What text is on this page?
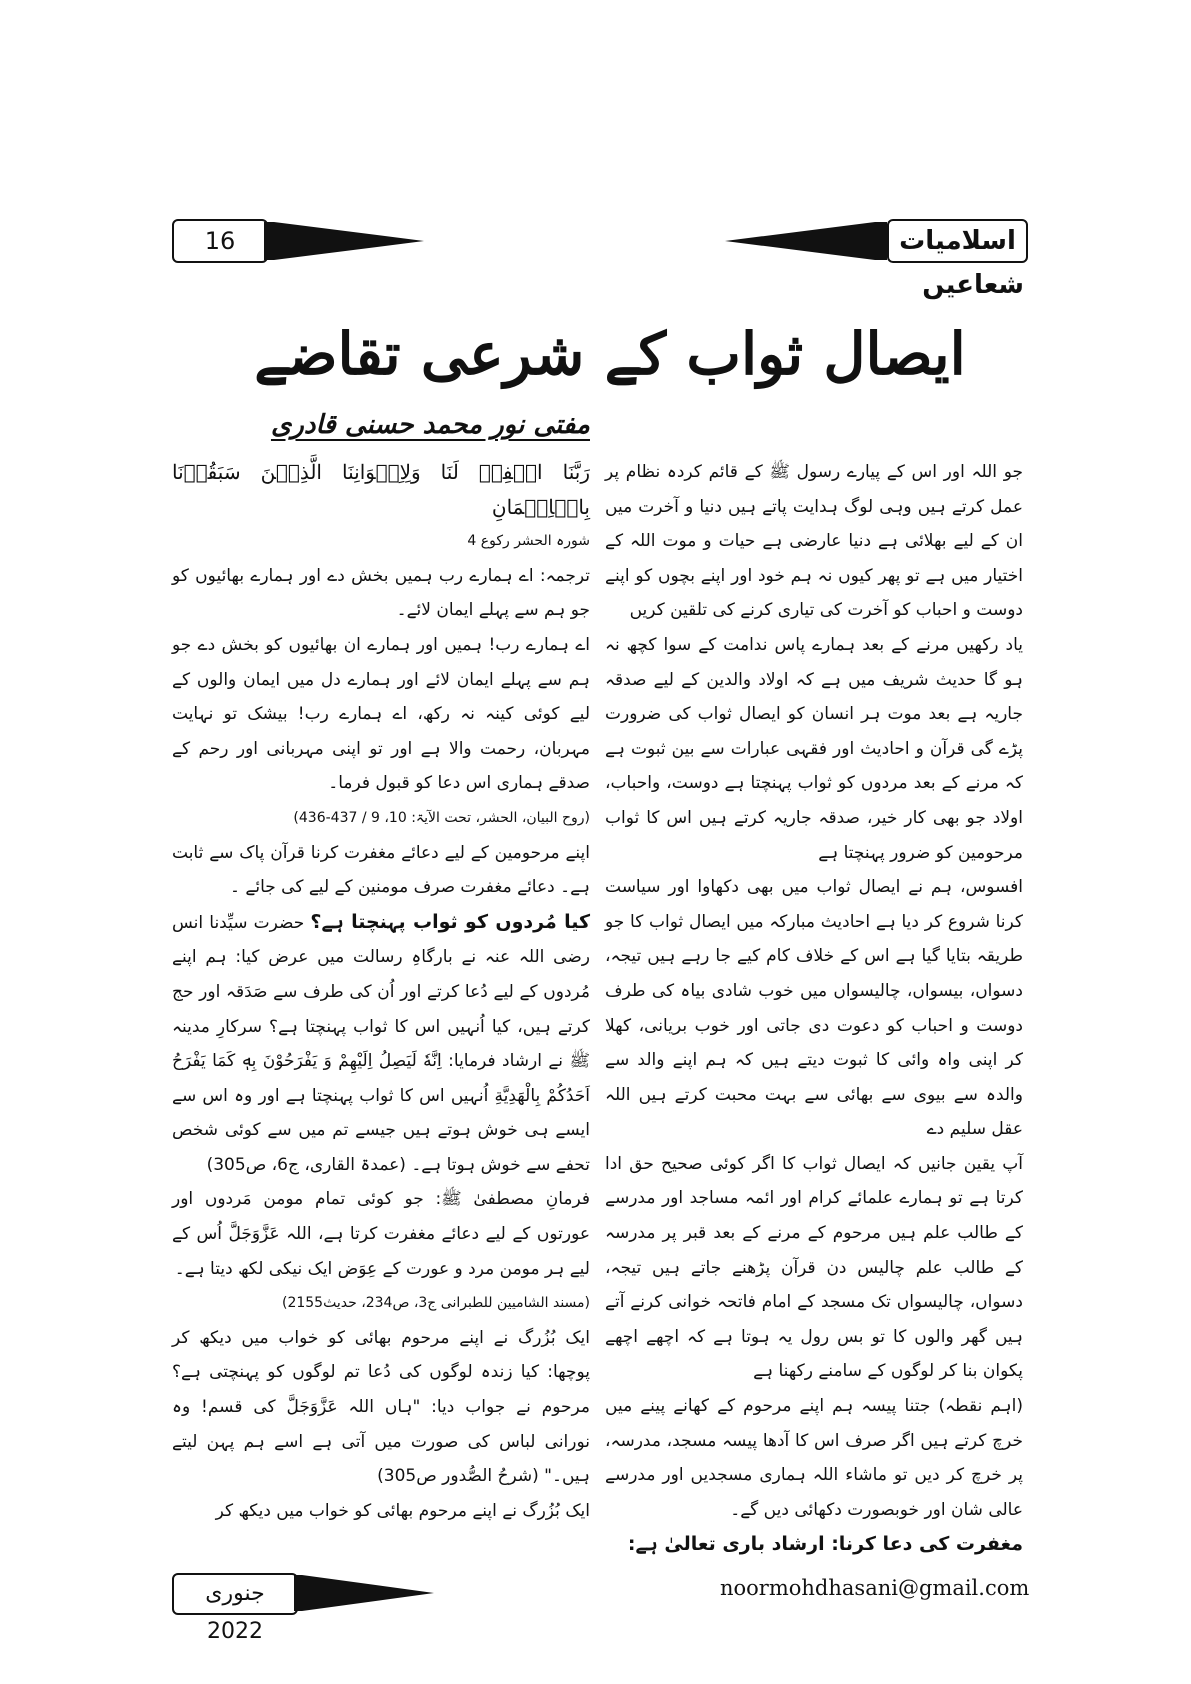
16	اسلامیات
شعاعیں
ایصال ثواب کے شرعی تقاضے
مفتی نور محمد حسنی قادری

جو اللہ اور اس کے پیارے رسول ﷺ کے قائم کردہ نظام پر عمل کرتے ہیں وہی لوگ ہدایت پاتے ہیں دنیا و آخرت میں ان کے لیے بھلائی ہے دنیا عارضی ہے حیات و موت اللہ کے اختیار میں ہے تو پھر کیوں نہ ہم خود اور اپنے بچوں کو اپنے دوست و احباب کو آخرت کی تیاری کرنے کی تلقین کریں

یاد رکھیں مرنے کے بعد ہمارے پاس ندامت کے سوا کچھ نہ ہو گا حدیث شریف میں ہے کہ اولاد والدین کے لیے صدقہ جاریہ ہے بعد موت ہر انسان کو ایصال ثواب کی ضرورت پڑے گی قرآن و احادیث اور فقہی عبارات سے بین ثبوت ہے کہ مرنے کے بعد مردوں کو ثواب پہنچتا ہے دوست، واحباب، اولاد جو بھی کار خیر، صدقہ جاریہ کرتے ہیں اس کا ثواب مرحومین کو ضرور پہنچتا ہے

افسوس، ہم نے ایصال ثواب میں بھی دکھاوا اور سیاست کرنا شروع کر دیا ہے احادیث مبارکہ میں ایصال ثواب کا جو طریقہ بتایا گیا ہے اس کے خلاف کام کیے جا رہے ہیں تیجہ، دسواں، بیسواں، چالیسواں میں خوب شادی بیاہ کی طرف دوست و احباب کو دعوت دی جاتی اور خوب بریانی، کھلا کر اپنی واہ وائی کا ثبوت دیتے ہیں کہ ہم اپنے والد سے والدہ سے بیوی سے بھائی سے بہت محبت کرتے ہیں اللہ عقل سلیم دے

آپ یقین جانیں کہ ایصال ثواب کا اگر کوئی صحیح حق ادا کرتا ہے تو ہمارے علمائے کرام اور ائمہ مساجد اور مدرسے کے طالب علم ہیں مرحوم کے مرنے کے بعد قبر پر مدرسہ کے طالب علم چالیس دن قرآن پڑھنے جاتے ہیں تیجہ، دسواں، چالیسواں تک مسجد کے امام فاتحہ خوانی کرنے آتے ہیں گھر والوں کا تو بس رول یہ ہوتا ہے کہ اچھے اچھے پکوان بنا کر لوگوں کے سامنے رکھنا ہے

(اہم نقطہ) جتنا پیسہ ہم اپنے مرحوم کے کھانے پینے میں خرچ کرتے ہیں اگر صرف اس کا آدھا پیسہ مسجد، مدرسہ، پر خرچ کر دیں تو ماشاء اللہ ہماری مسجدیں اور مدرسے عالی شان اور خوبصورت دکھائی دیں گے۔

مغفرت کی دعا کرنا: ارشاد باری تعالیٰ ہے:

رَبَّنَا اغۡفِرۡ لَنَا وَلِاِخۡوَانِنَا الَّذِیۡنَ سَبَقُوۡنَا بِالۡاِیۡمَانِ

شورہ الحشر رکوع 4

ترجمہ: اے ہمارے رب ہمیں بخش دے اور ہمارے بھائیوں کو جو ہم سے پہلے ایمان لائے۔

اے ہمارے رب! ہمیں اور ہمارے ان بھائیوں کو بخش دے جو ہم سے پہلے ایمان لائے اور ہمارے دل میں ایمان والوں کے لیے کوئی کینہ نہ رکھ، اے ہمارے رب! بیشک تو نہایت مہربان، رحمت والا ہے اور تو اپنی مہربانی اور رحم کے صدقے ہماری اس دعا کو قبول فرما۔

(روح البیان، الحشر، تحت الآیۃ: 10، 9 / 437-436)

اپنے مرحومین کے لیے دعائے مغفرت کرنا قرآن پاک سے ثابت ہے۔ دعائے مغفرت صرف مومنین کے لیے کی جائے ۔

کیا مُردوں کو ثواب پہنچتا ہے؟ حضرت سیِّدنا انس رضی اللہ عنہ نے بارگاہِ رسالت میں عرض کیا: ہم اپنے مُردوں کے لیے دُعا کرتے اور اُن کی طرف سے صَدَقہ اور حج کرتے ہیں، کیا اُنہیں اس کا ثواب پہنچتا ہے؟ سرکارِ مدینہ ﷺ نے ارشاد فرمایا: اِنَّهٗ لَيَصِلُ اِلَيْهِمْ وَ يَفْرَحُوْنَ بِهٖ كَمَا يَفْرَحُ اَحَدُكُمْ بِالْهَدِيَّةِ اُنہیں اس کا ثواب پہنچتا ہے اور وہ اس سے ایسے ہی خوش ہوتے ہیں جیسے تم میں سے کوئی شخص تحفے سے خوش ہوتا ہے۔ (عمدۃ القاری، ج6، ص305)

فرمانِ مصطفیٰ ﷺ: جو کوئی تمام مومن مَردوں اور عورتوں کے لیے دعائے مغفرت کرتا ہے، اللہ عَزَّوَجَلَّ اُس کے لیے ہر مومن مرد و عورت کے عِوَض ایک نیکی لکھ دیتا ہے۔

(مسند الشامیین للطبرانی ج3، ص234، حدیث2155)

ایک بُزُرگ نے اپنے مرحوم بھائی کو خواب میں دیکھ کر پوچھا: کیا زندہ لوگوں کی دُعا تم لوگوں کو پہنچتی ہے؟ مرحوم نے جواب دیا: "ہاں اللہ عَزَّوَجَلَّ کی قسم! وہ نورانی لباس کی صورت میں آتی ہے اسے ہم پہن لیتے ہیں۔" (شرحُ الصُّدور ص305)

ایک بُزُرگ نے اپنے مرحوم بھائی کو خواب میں دیکھ کر

جنوری 2022
noormohdhasani@gmail.com
